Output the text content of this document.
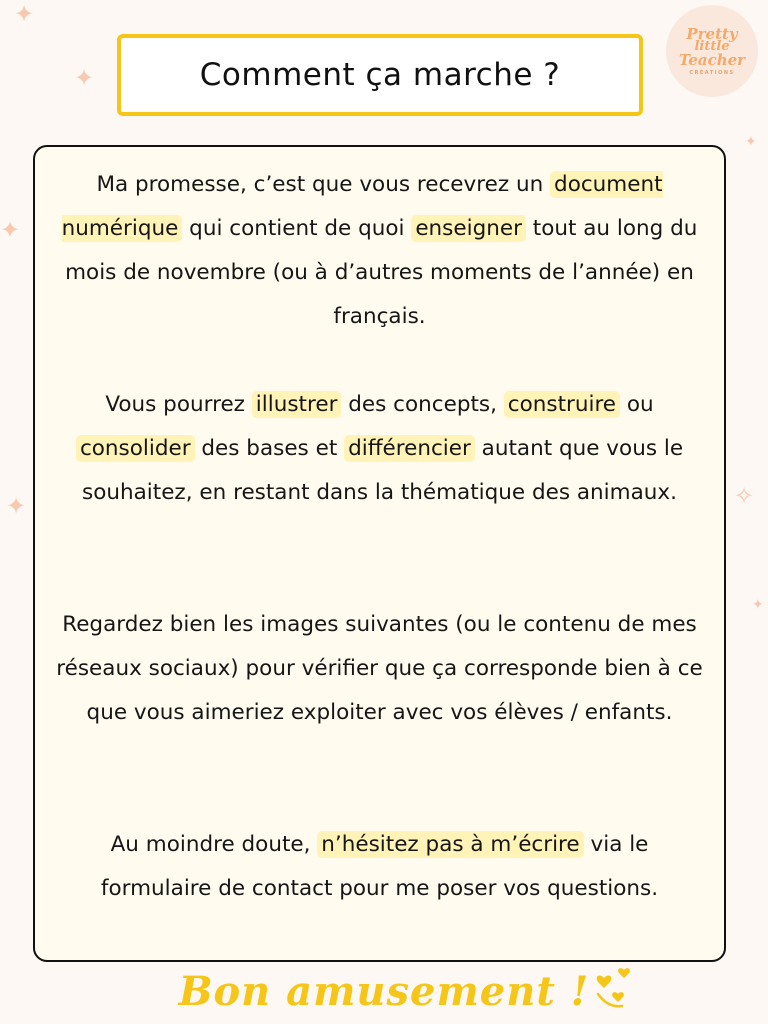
✦
✦
✦
✦	✧
✦
✦
Comment ça marche ?
Pretty
little
Teacher
CRÉATIONS

Ma promesse, c’est que vous recevrez un document numérique qui contient de quoi enseigner tout au long du mois de novembre (ou à d’autres moments de l’année) en français.

Vous pourrez illustrer des concepts, construire ou consolider des bases et différencier autant que vous le souhaitez, en restant dans la thématique des animaux.

Regardez bien les images suivantes (ou le contenu de mes réseaux sociaux) pour vérifier que ça corresponde bien à ce que vous aimeriez exploiter avec vos élèves / enfants.

Au moindre doute, n’hésitez pas à m’écrire via le formulaire de contact pour me poser vos questions.

Bon amusement !
